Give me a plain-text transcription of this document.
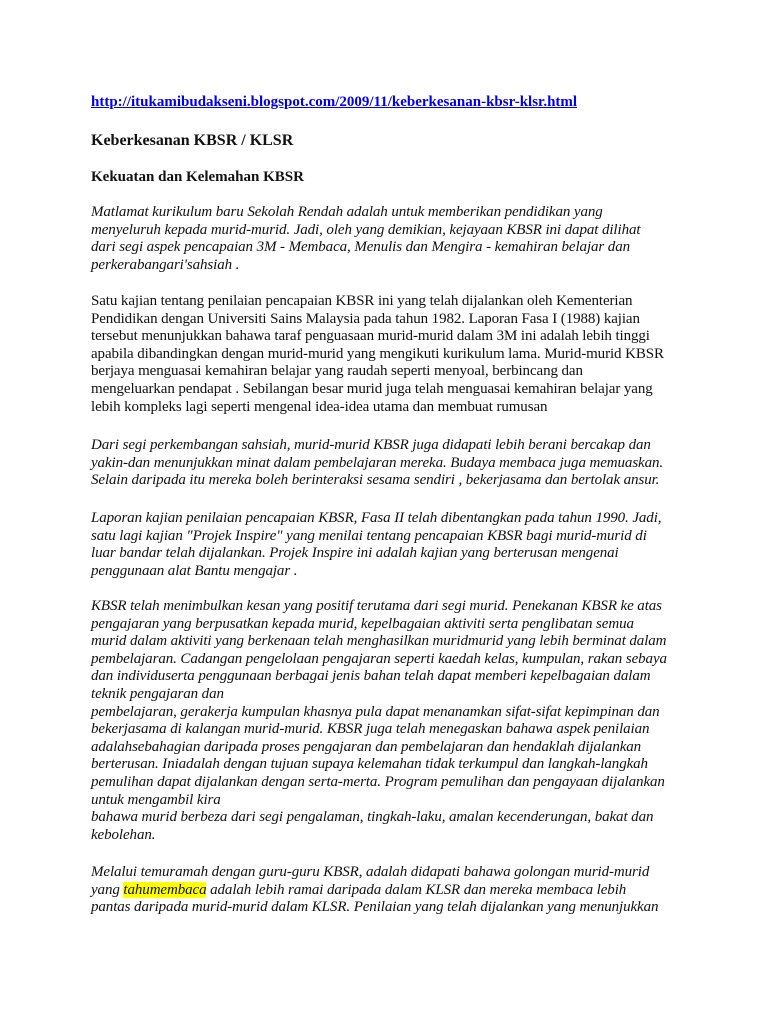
http://itukamibudakseni.blogspot.com/2009/11/keberkesanan-kbsr-klsr.html
Keberkesanan KBSR / KLSR
Kekuatan dan Kelemahan KBSR

Matlamat kurikulum baru Sekolah Rendah adalah untuk memberikan pendidikan yang
menyeluruh kepada murid-murid. Jadi, oleh yang demikian, kejayaan KBSR ini dapat dilihat
dari segi aspek pencapaian 3M - Membaca, Menulis dan Mengira - kemahiran belajar dan
perkerabangari'sahsiah .

Satu kajian tentang penilaian pencapaian KBSR ini yang telah dijalankan oleh Kementerian
Pendidikan dengan Universiti Sains Malaysia pada tahun 1982. Laporan Fasa I (1988) kajian
tersebut menunjukkan bahawa taraf penguasaan murid-murid dalam 3M ini adalah lebih tinggi
apabila dibandingkan dengan murid-murid yang mengikuti kurikulum lama. Murid-murid KBSR
berjaya menguasai kemahiran belajar yang raudah seperti menyoal, berbincang dan
mengeluarkan pendapat . Sebilangan besar murid juga telah menguasai kemahiran belajar yang
lebih kompleks lagi seperti mengenal idea-idea utama dan membuat rumusan

Dari segi perkembangan sahsiah, murid-murid KBSR juga didapati lebih berani bercakap dan
yakin-dan menunjukkan minat dalam pembelajaran mereka. Budaya membaca juga memuaskan.
Selain daripada itu mereka boleh berinteraksi sesama sendiri , bekerjasama dan bertolak ansur.

Laporan kajian penilaian pencapaian KBSR, Fasa II telah dibentangkan pada tahun 1990. Jadi,
satu lagi kajian "Projek Inspire" yang menilai tentang pencapaian KBSR bagi murid-murid di
luar bandar telah dijalankan. Projek Inspire ini adalah kajian yang berterusan mengenai
penggunaan alat Bantu mengajar .

KBSR telah menimbulkan kesan yang positif terutama dari segi murid. Penekanan KBSR ke atas
pengajaran yang berpusatkan kepada murid, kepelbagaian aktiviti serta penglibatan semua
murid dalam aktiviti yang berkenaan telah menghasilkan muridmurid yang lebih berminat dalam
pembelajaran. Cadangan pengelolaan pengajaran seperti kaedah kelas, kumpulan, rakan sebaya
dan individuserta penggunaan berbagai jenis bahan telah dapat memberi kepelbagaian dalam
teknik pengajaran dan
pembelajaran, gerakerja kumpulan khasnya pula dapat menanamkan sifat-sifat kepimpinan dan
bekerjasama di kalangan murid-murid. KBSR juga telah menegaskan bahawa aspek penilaian
adalahsebahagian daripada proses pengajaran dan pembelajaran dan hendaklah dijalankan
berterusan. Iniadalah dengan tujuan supaya kelemahan tidak terkumpul dan langkah-langkah
pemulihan dapat dijalankan dengan serta-merta. Program pemulihan dan pengayaan dijalankan
untuk mengambil kira
bahawa murid berbeza dari segi pengalaman, tingkah-laku, amalan kecenderungan, bakat dan
kebolehan.

Melalui temuramah dengan guru-guru KBSR, adalah didapati bahawa golongan murid-murid
yang tahumembaca adalah lebih ramai daripada dalam KLSR dan mereka membaca lebih
pantas daripada murid-murid dalam KLSR. Penilaian yang telah dijalankan yang menunjukkan
